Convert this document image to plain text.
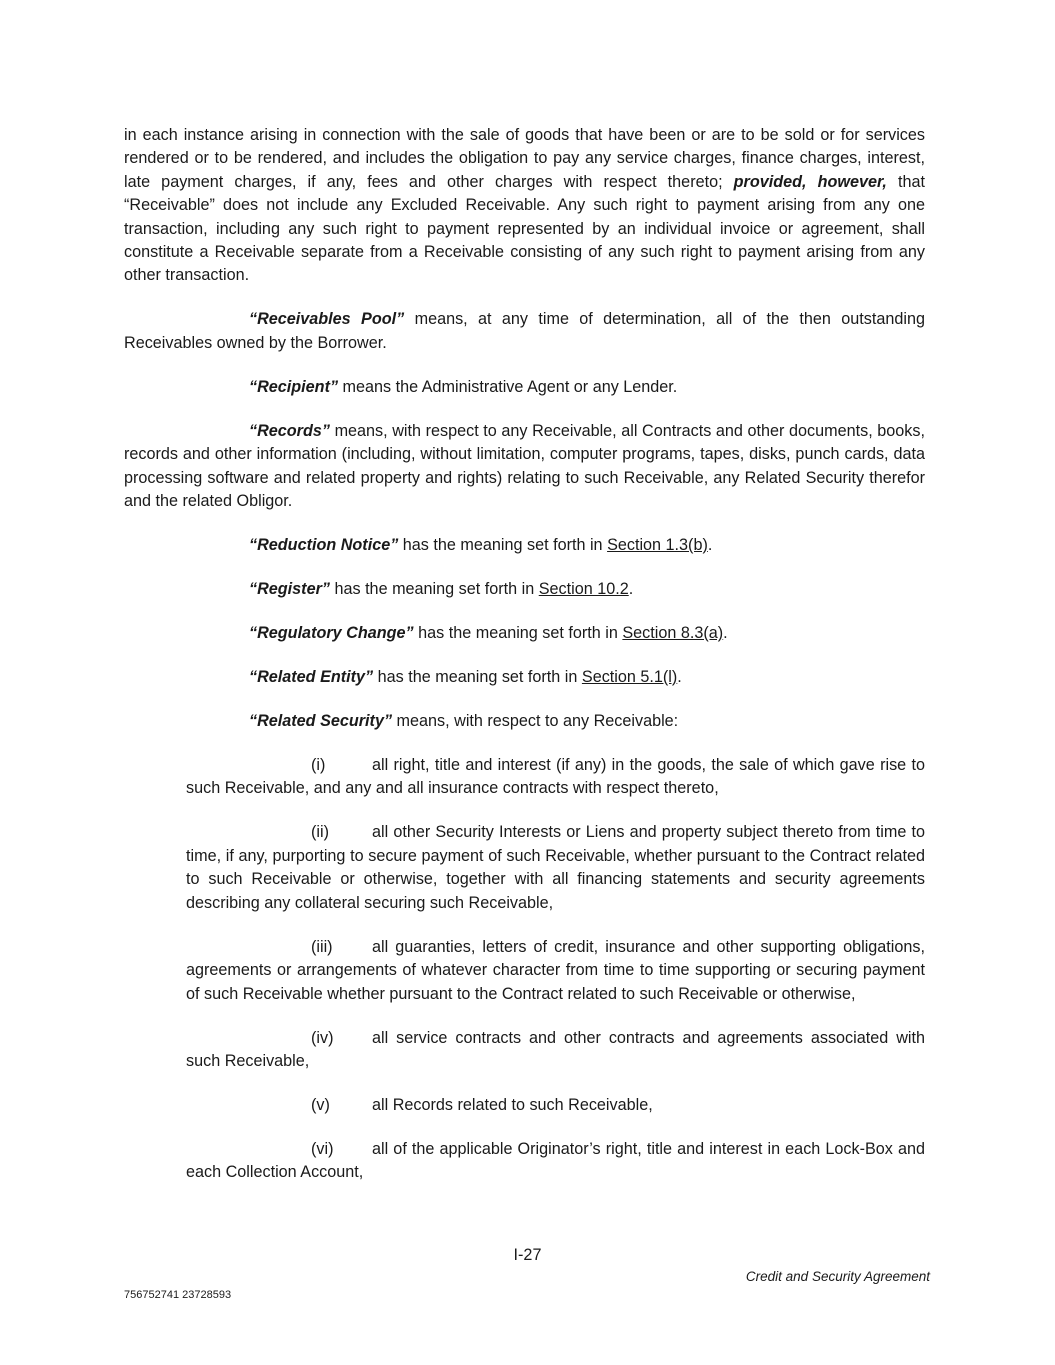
in each instance arising in connection with the sale of goods that have been or are to be sold or for services rendered or to be rendered, and includes the obligation to pay any service charges, finance charges, interest, late payment charges, if any, fees and other charges with respect thereto; provided, however, that “Receivable” does not include any Excluded Receivable. Any such right to payment arising from any one transaction, including any such right to payment represented by an individual invoice or agreement, shall constitute a Receivable separate from a Receivable consisting of any such right to payment arising from any other transaction.

“Receivables Pool” means, at any time of determination, all of the then outstanding Receivables owned by the Borrower.

“Recipient” means the Administrative Agent or any Lender.

“Records” means, with respect to any Receivable, all Contracts and other documents, books, records and other information (including, without limitation, computer programs, tapes, disks, punch cards, data processing software and related property and rights) relating to such Receivable, any Related Security therefor and the related Obligor.

“Reduction Notice” has the meaning set forth in Section 1.3(b).

“Register” has the meaning set forth in Section 10.2.

“Regulatory Change” has the meaning set forth in Section 8.3(a).

“Related Entity” has the meaning set forth in Section 5.1(l).

“Related Security” means, with respect to any Receivable:

(i)	all right, title and interest (if any) in the goods, the sale of which gave rise to such Receivable, and any and all insurance contracts with respect thereto,

(ii)	all other Security Interests or Liens and property subject thereto from time to time, if any, purporting to secure payment of such Receivable, whether pursuant to the Contract related to such Receivable or otherwise, together with all financing statements and security agreements describing any collateral securing such Receivable,

(iii) all guaranties, letters of credit, insurance and other supporting obligations, agreements or arrangements of whatever character from time to time supporting or securing payment of such Receivable whether pursuant to the Contract related to such Receivable or otherwise,

(iv) all service contracts and other contracts and agreements associated with such Receivable,

(v)	all Records related to such Receivable,

(vi) all of the applicable Originator’s right, title and interest in each Lock-Box and each Collection Account,

I-27
Credit and Security Agreement
756752741 23728593
